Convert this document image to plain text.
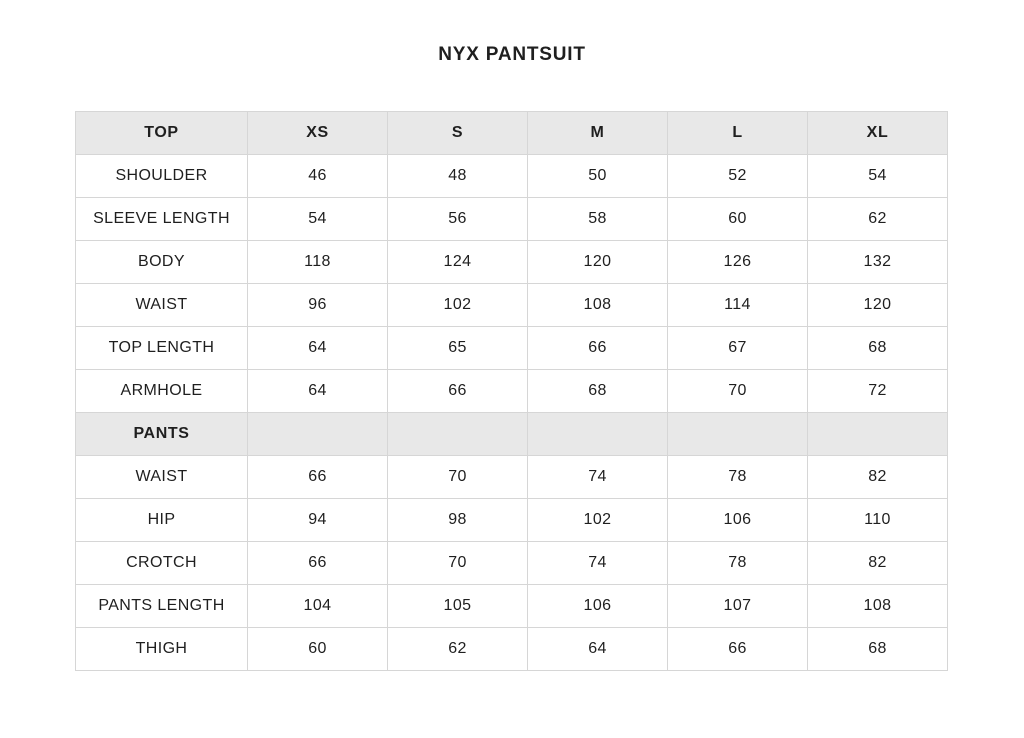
NYX PANTSUIT
TOP	XS	S	M	L	XL
SHOULDER	46	48	50	52	54
SLEEVE LENGTH	54	56	58	60	62
BODY	118	124	120	126	132
WAIST	96	102	108	114	120
TOP LENGTH	64	65	66	67	68
ARMHOLE	64	66	68	70	72
PANTS					
WAIST	66	70	74	78	82
HIP	94	98	102	106	110
CROTCH	66	70	74	78	82
PANTS LENGTH	104	105	106	107	108
THIGH	60	62	64	66	68
